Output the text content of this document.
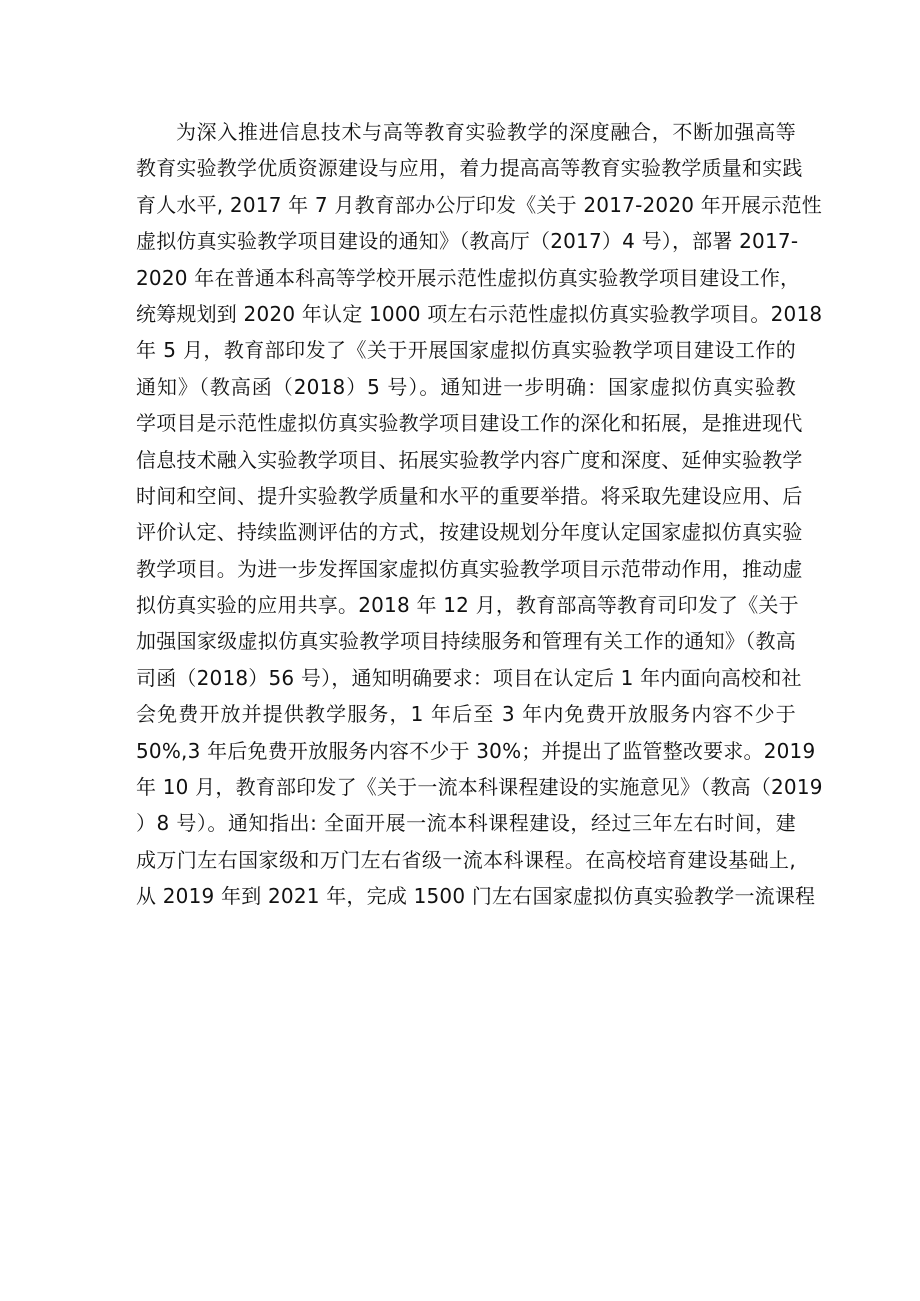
为深入推进信息技术与高等教育实验教学的深度融合，不断加强高等
教育实验教学优质资源建设与应用，着力提高高等教育实验教学质量和实践
育人水平, 2017 年 7 月教育部办公厅印发《关于 2017-2020 年开展示范性
虚拟仿真实验教学项目建设的通知》（教高厅（2017）4 号），部署 2017-
2020 年在普通本科高等学校开展示范性虚拟仿真实验教学项目建设工作，
统筹规划到 2020 年认定 1000 项左右示范性虚拟仿真实验教学项目。2018
年 5 月，教育部印发了《关于开展国家虚拟仿真实验教学项目建设工作的
通知》（教高函（2018）5 号）。通知进一步明确：国家虚拟仿真实验教
学项目是示范性虚拟仿真实验教学项目建设工作的深化和拓展，是推进现代
信息技术融入实验教学项目、拓展实验教学内容广度和深度、延伸实验教学
时间和空间、提升实验教学质量和水平的重要举措。将采取先建设应用、后
评价认定、持续监测评估的方式，按建设规划分年度认定国家虚拟仿真实验
教学项目。为进一步发挥国家虚拟仿真实验教学项目示范带动作用，推动虚
拟仿真实验的应用共享。2018 年 12 月，教育部高等教育司印发了《关于
加强国家级虚拟仿真实验教学项目持续服务和管理有关工作的通知》（教高
司函（2018）56 号），通知明确要求：项目在认定后 1 年内面向高校和社
会免费开放并提供教学服务，1 年后至 3 年内免费开放服务内容不少于
50%,3 年后免费开放服务内容不少于 30%；并提出了监管整改要求。2019
年 10 月，教育部印发了《关于一流本科课程建设的实施意见》（教高（2019
）8 号）。通知指出: 全面开展一流本科课程建设，经过三年左右时间，建
成万门左右国家级和万门左右省级一流本科课程。在高校培育建设基础上,
从 2019 年到 2021 年，完成 1500 门左右国家虚拟仿真实验教学一流课程
